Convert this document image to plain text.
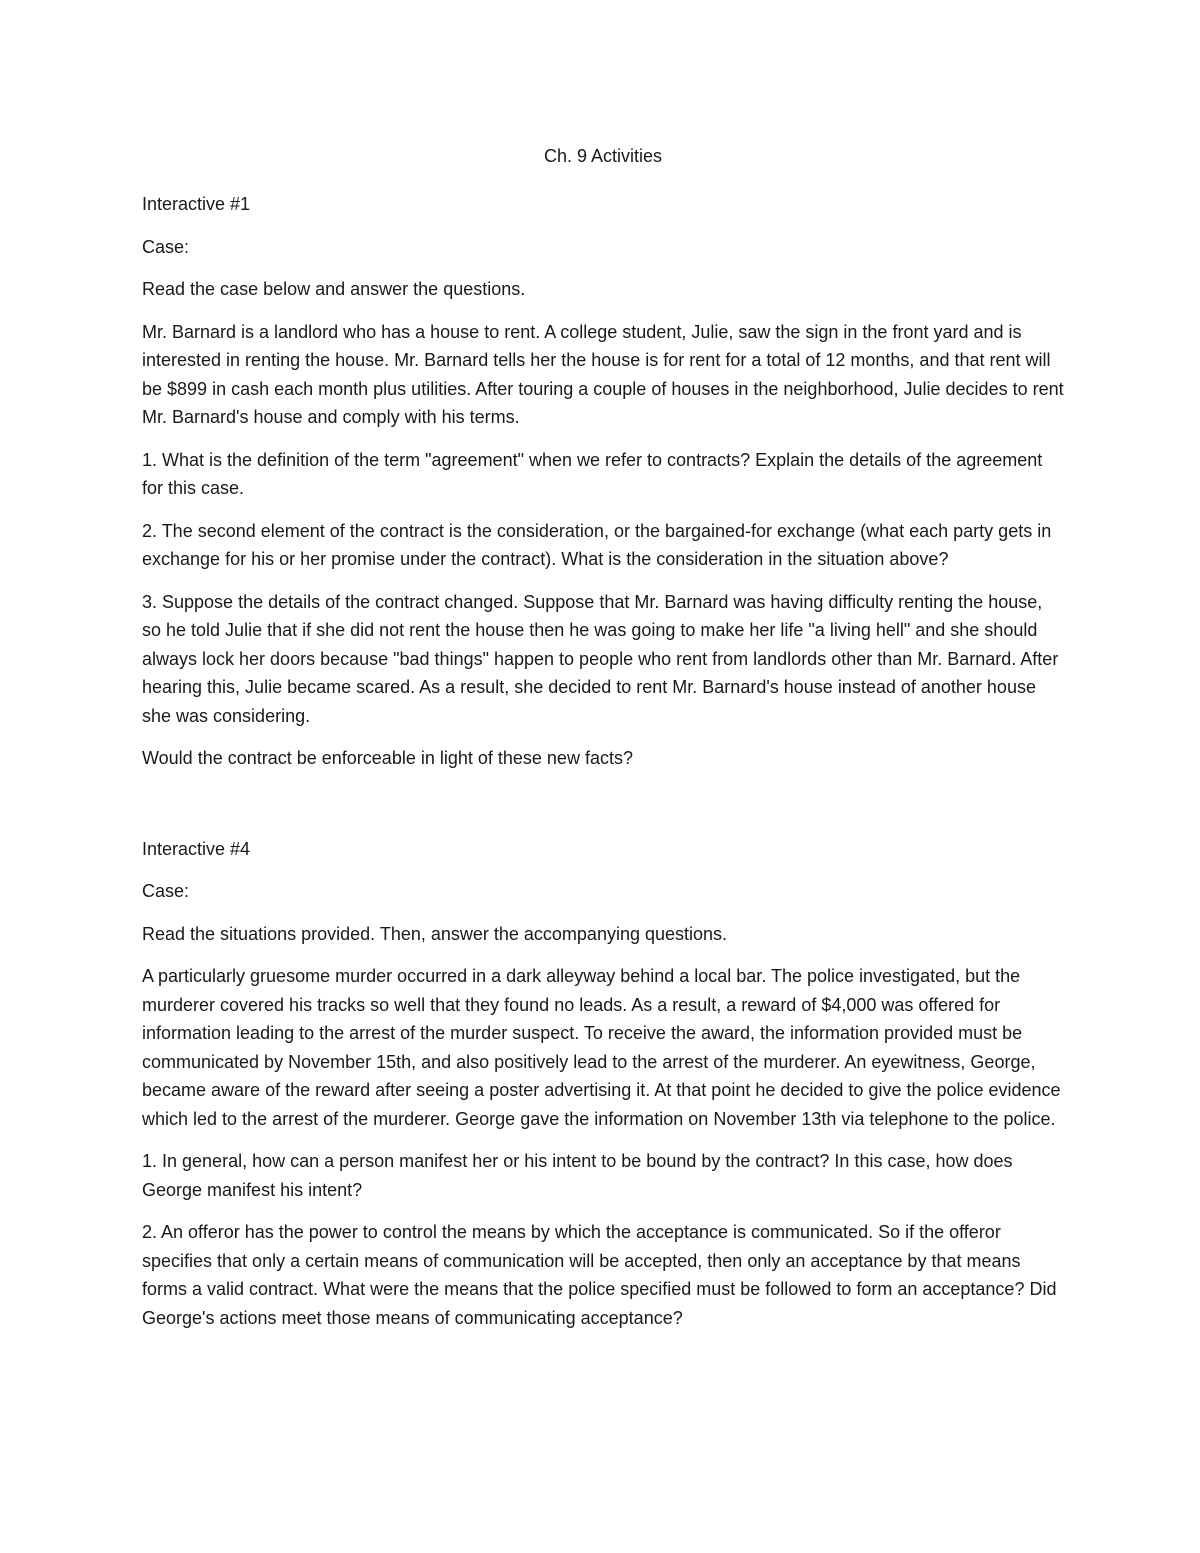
Ch. 9 Activities
Interactive #1
Case:
Read the case below and answer the questions.
Mr. Barnard is a landlord who has a house to rent. A college student, Julie, saw the sign in the front yard and is interested in renting the house. Mr. Barnard tells her the house is for rent for a total of 12 months, and that rent will be $899 in cash each month plus utilities. After touring a couple of houses in the neighborhood, Julie decides to rent Mr. Barnard's house and comply with his terms.
1. What is the definition of the term "agreement" when we refer to contracts? Explain the details of the agreement for this case.
2. The second element of the contract is the consideration, or the bargained-for exchange (what each party gets in exchange for his or her promise under the contract). What is the consideration in the situation above?
3. Suppose the details of the contract changed. Suppose that Mr. Barnard was having difficulty renting the house, so he told Julie that if she did not rent the house then he was going to make her life "a living hell" and she should always lock her doors because "bad things" happen to people who rent from landlords other than Mr. Barnard. After hearing this, Julie became scared. As a result, she decided to rent Mr. Barnard's house instead of another house she was considering.
Would the contract be enforceable in light of these new facts?
Interactive #4
Case:
Read the situations provided. Then, answer the accompanying questions.
A particularly gruesome murder occurred in a dark alleyway behind a local bar. The police investigated, but the murderer covered his tracks so well that they found no leads. As a result, a reward of $4,000 was offered for information leading to the arrest of the murder suspect. To receive the award, the information provided must be communicated by November 15th, and also positively lead to the arrest of the murderer. An eyewitness, George, became aware of the reward after seeing a poster advertising it. At that point he decided to give the police evidence which led to the arrest of the murderer. George gave the information on November 13th via telephone to the police.
1. In general, how can a person manifest her or his intent to be bound by the contract? In this case, how does George manifest his intent?
2. An offeror has the power to control the means by which the acceptance is communicated. So if the offeror specifies that only a certain means of communication will be accepted, then only an acceptance by that means forms a valid contract. What were the means that the police specified must be followed to form an acceptance? Did George's actions meet those means of communicating acceptance?
